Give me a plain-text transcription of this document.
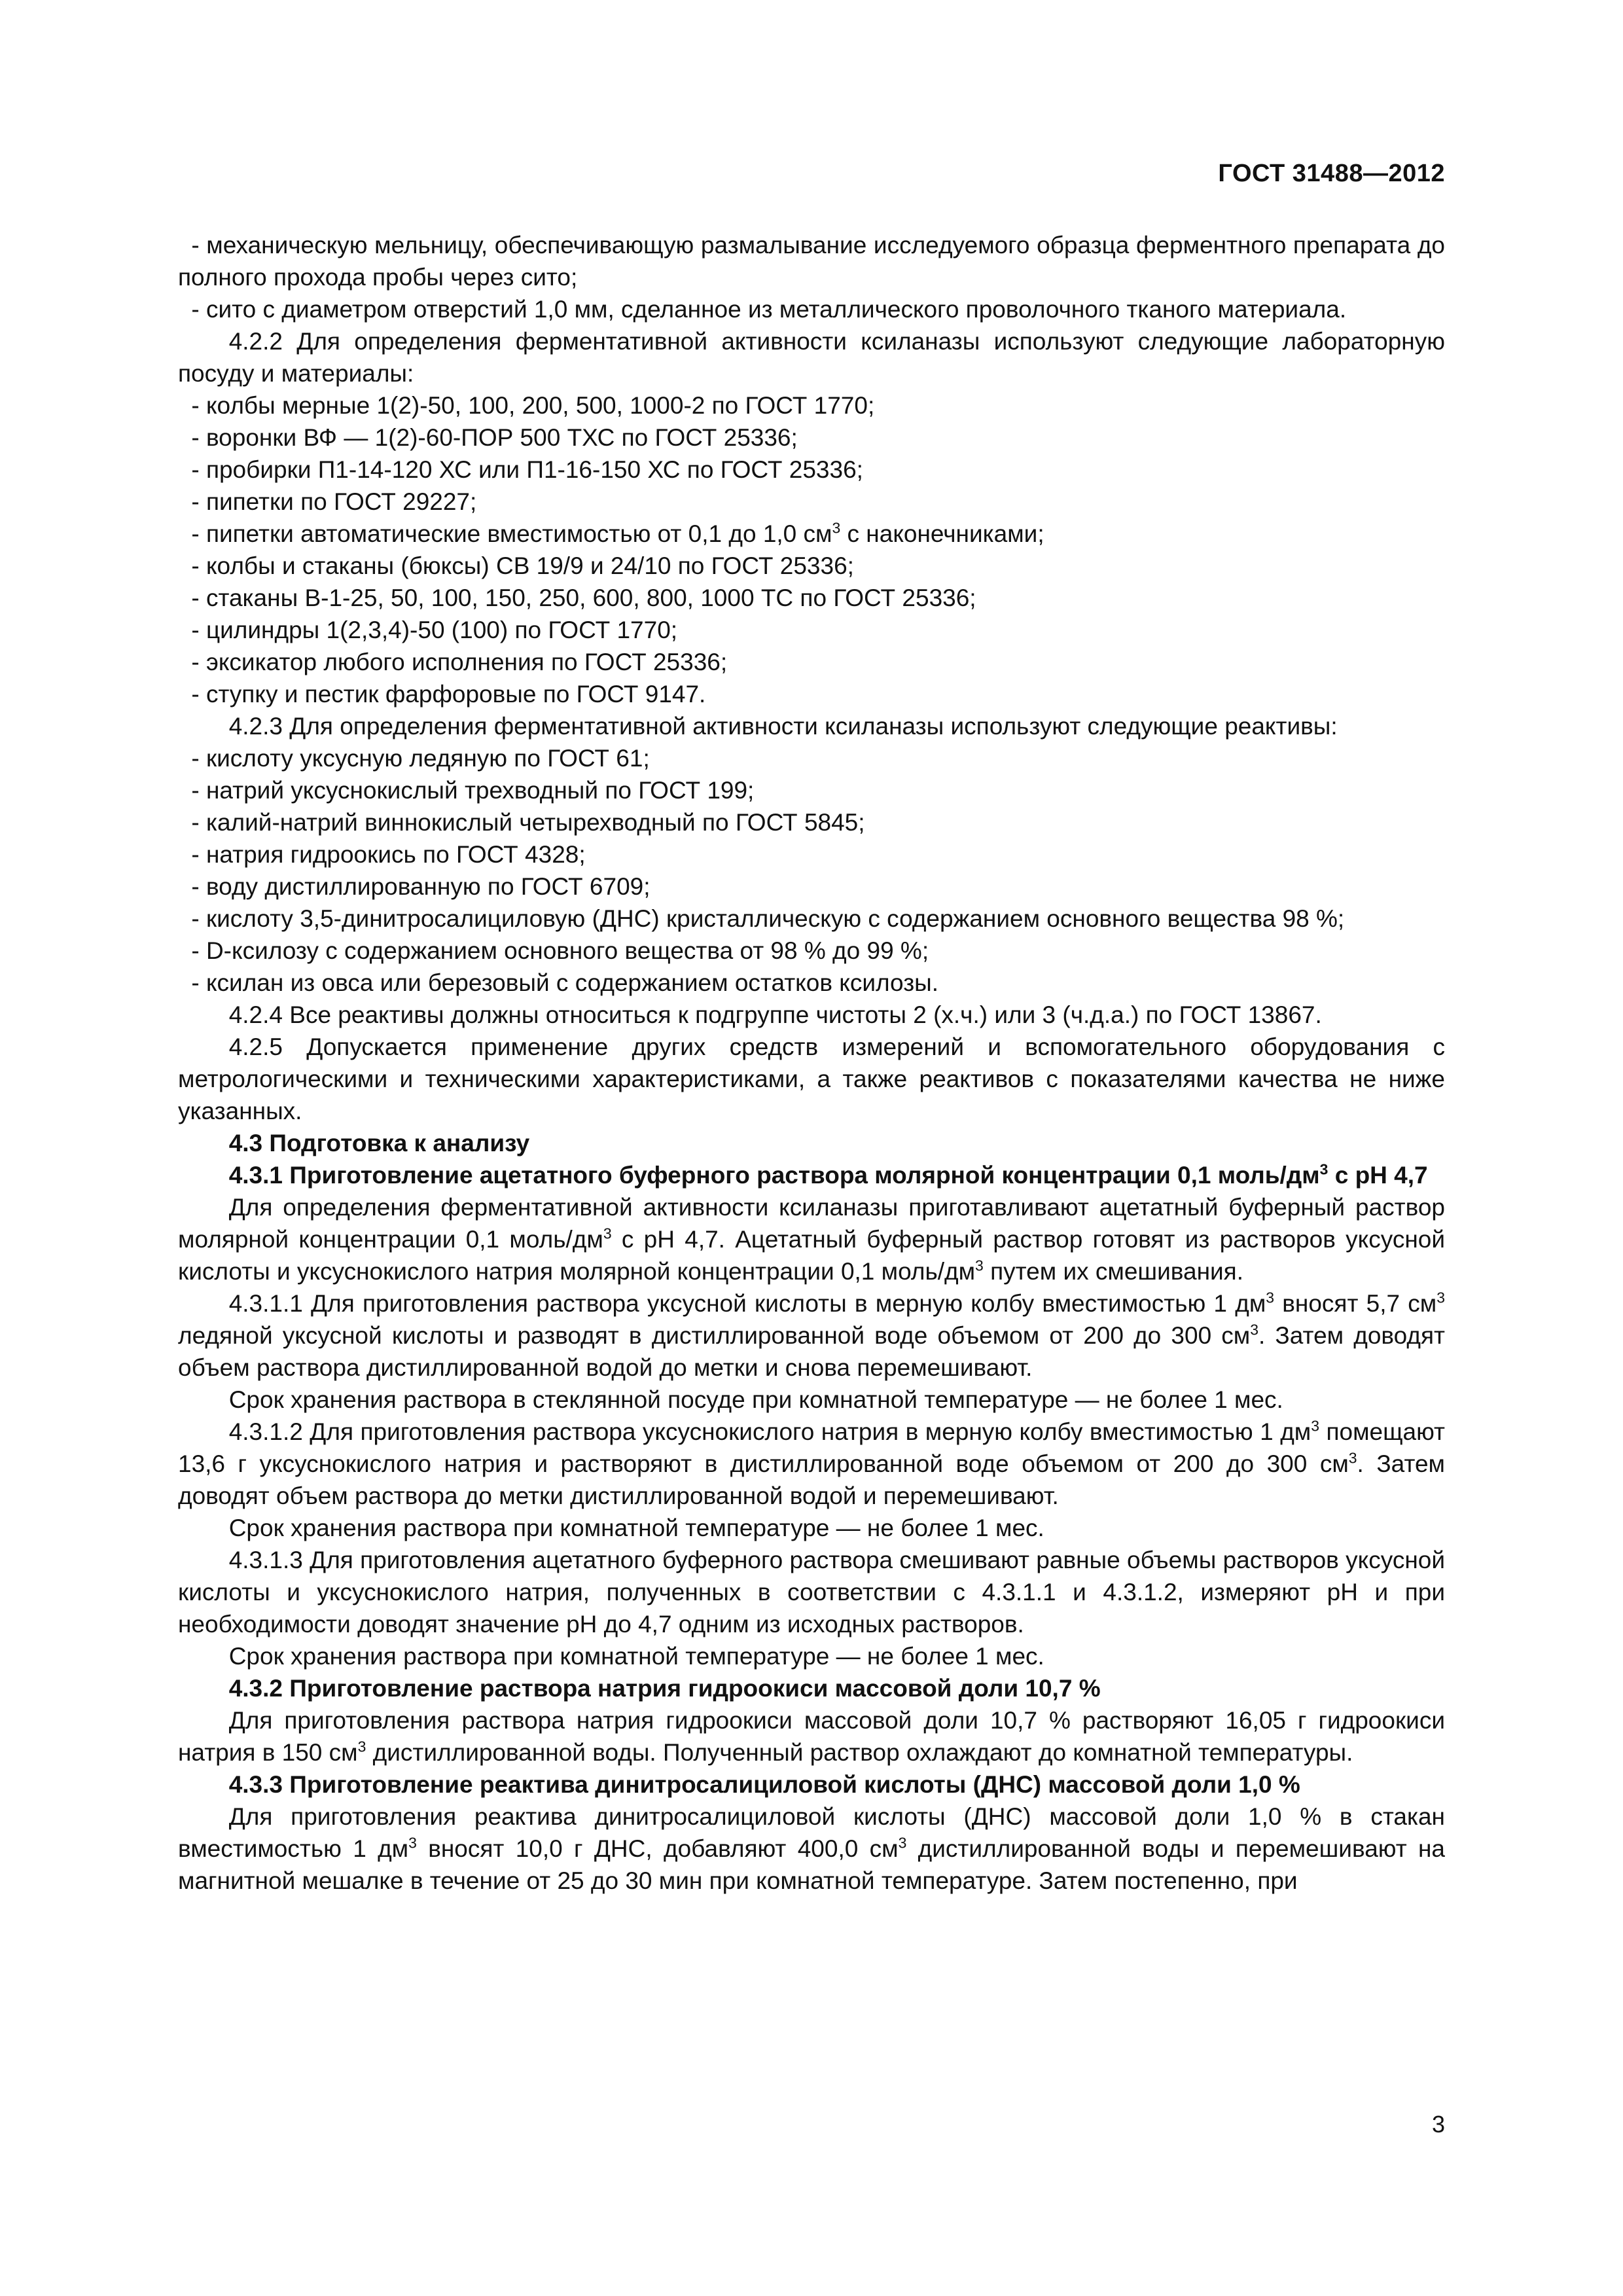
ГОСТ 31488—2012

- механическую мельницу, обеспечивающую размалывание исследуемого образца ферментного препарата до полного прохода пробы через сито;

- сито с диаметром отверстий 1,0 мм, сделанное из металлического проволочного тканого материала.

4.2.2 Для определения ферментативной активности ксиланазы используют следующие лабораторную посуду и материалы:

- колбы мерные 1(2)-50, 100, 200, 500, 1000-2 по ГОСТ 1770;

- воронки ВФ — 1(2)-60-ПОР 500 ТХС по ГОСТ 25336;

- пробирки П1-14-120 ХС или П1-16-150 ХС по ГОСТ 25336;

- пипетки по ГОСТ 29227;

- пипетки автоматические вместимостью от 0,1 до 1,0 $см^3$ с наконечниками;

- колбы и стаканы (бюксы) СВ 19/9 и 24/10 по ГОСТ 25336;

- стаканы В-1-25, 50, 100, 150, 250, 600, 800, 1000 ТС по ГОСТ 25336;

- цилиндры 1(2,3,4)-50 (100) по ГОСТ 1770;

- эксикатор любого исполнения по ГОСТ 25336;

- ступку и пестик фарфоровые по ГОСТ 9147.

4.2.3 Для определения ферментативной активности ксиланазы используют следующие реактивы:

- кислоту уксусную ледяную по ГОСТ 61;

- натрий уксуснокислый трехводный по ГОСТ 199;

- калий-натрий виннокислый четырехводный по ГОСТ 5845;

- натрия гидроокись по ГОСТ 4328;

- воду дистиллированную по ГОСТ 6709;

- кислоту 3,5-динитросалициловую (ДНС) кристаллическую с содержанием основного вещества 98 %;

- D-ксилозу с содержанием основного вещества от 98 % до 99 %;

- ксилан из овса или березовый с содержанием остатков ксилозы.

4.2.4 Все реактивы должны относиться к подгруппе чистоты 2 (х.ч.) или 3 (ч.д.а.) по ГОСТ 13867.

4.2.5 Допускается применение других средств измерений и вспомогательного оборудования с метрологическими и техническими характеристиками, а также реактивов с показателями качества не ниже указанных.

4.3 Подготовка к анализу

4.3.1 Приготовление ацетатного буферного раствора молярной концентрации 0,1 моль/$дм^3$ с рН 4,7

Для определения ферментативной активности ксиланазы приготавливают ацетатный буферный раствор молярной концентрации 0,1 моль/$дм^3$ с рН 4,7. Ацетатный буферный раствор готовят из растворов уксусной кислоты и уксуснокислого натрия молярной концентрации 0,1 моль/$дм^3$ путем их смешивания.

4.3.1.1 Для приготовления раствора уксусной кислоты в мерную колбу вместимостью 1 $дм^3$ вносят 5,7 $см^3$ ледяной уксусной кислоты и разводят в дистиллированной воде объемом от 200 до 300 $см^3$. Затем доводят объем раствора дистиллированной водой до метки и снова перемешивают.

Срок хранения раствора в стеклянной посуде при комнатной температуре — не более 1 мес.

4.3.1.2 Для приготовления раствора уксуснокислого натрия в мерную колбу вместимостью 1 $дм^3$ помещают 13,6 г уксуснокислого натрия и растворяют в дистиллированной воде объемом от 200 до 300 $см^3$. Затем доводят объем раствора до метки дистиллированной водой и перемешивают.

Срок хранения раствора при комнатной температуре — не более 1 мес.

4.3.1.3 Для приготовления ацетатного буферного раствора смешивают равные объемы растворов уксусной кислоты и уксуснокислого натрия, полученных в соответствии с 4.3.1.1 и 4.3.1.2, измеряют рН и при необходимости доводят значение рН до 4,7 одним из исходных растворов.

Срок хранения раствора при комнатной температуре — не более 1 мес.

4.3.2 Приготовление раствора натрия гидроокиси массовой доли 10,7 %

Для приготовления раствора натрия гидроокиси массовой доли 10,7 % растворяют 16,05 г гидроокиси натрия в 150 $см^3$ дистиллированной воды. Полученный раствор охлаждают до комнатной температуры.

4.3.3 Приготовление реактива динитросалициловой кислоты (ДНС) массовой доли 1,0 %

Для приготовления реактива динитросалициловой кислоты (ДНС) массовой доли 1,0 % в стакан вместимостью 1 $дм^3$ вносят 10,0 г ДНС, добавляют 400,0 $см^3$ дистиллированной воды и перемешивают на магнитной мешалке в течение от 25 до 30 мин при комнатной температуре. Затем постепенно, при

3
